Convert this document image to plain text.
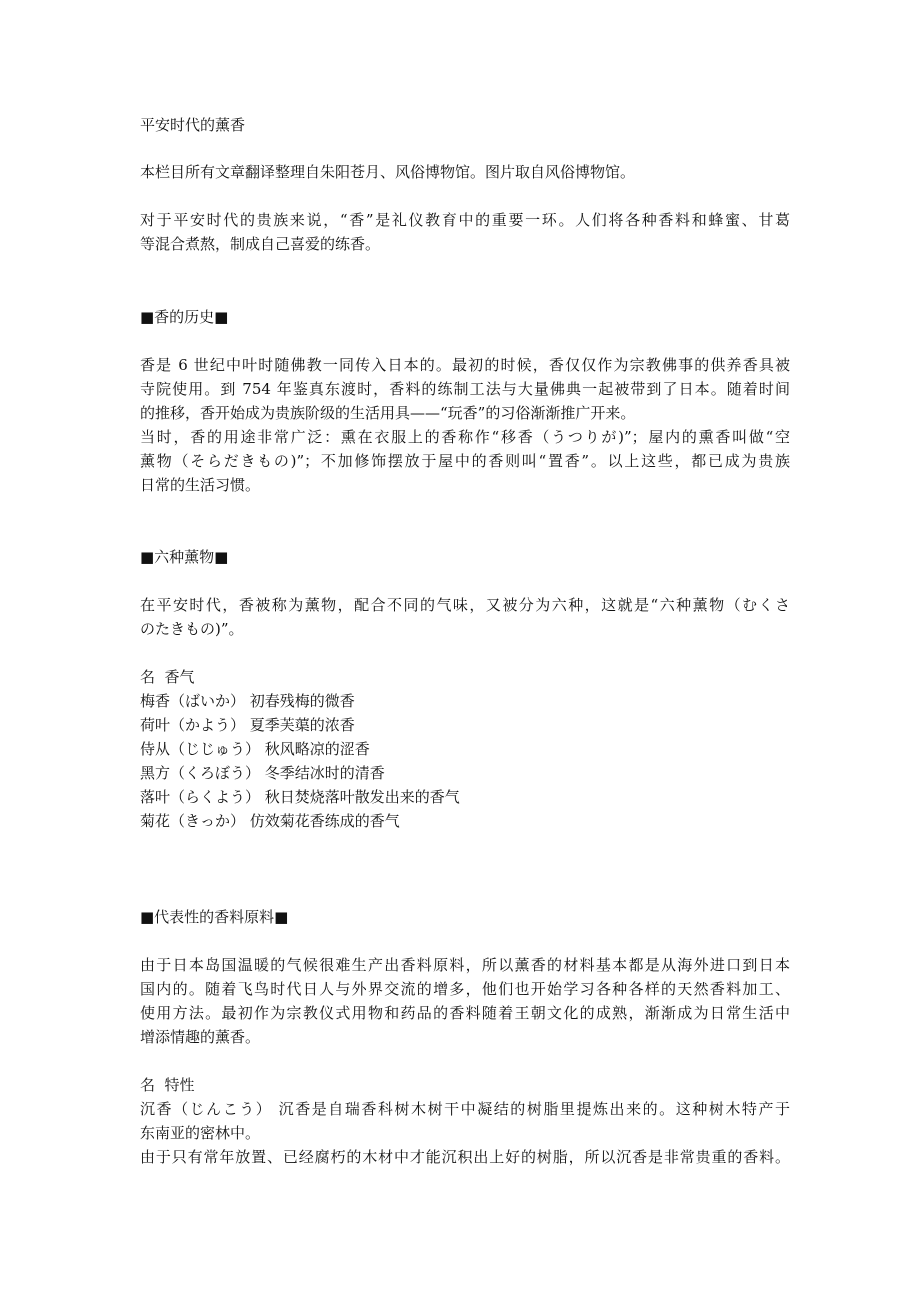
平安时代的薰香
本栏目所有文章翻译整理自朱阳苍月、风俗博物馆。图片取自风俗博物馆。
对于平安时代的贵族来说，“香”是礼仪教育中的重要一环。人们将各种香料和蜂蜜、甘葛
等混合煮熬，制成自己喜爱的练香。
■香的历史■
香是 6 世纪中叶时随佛教一同传入日本的。最初的时候，香仅仅作为宗教佛事的供养香具被
寺院使用。到 754 年鉴真东渡时，香料的练制工法与大量佛典一起被带到了日本。随着时间
的推移，香开始成为贵族阶级的生活用具——“玩香”的习俗渐渐推广开来。
当时，香的用途非常广泛：熏在衣服上的香称作“移香（うつりが)”；屋内的熏香叫做“空
薰物（そらだきもの)”；不加修饰摆放于屋中的香则叫“置香”。以上这些，都已成为贵族
日常的生活习惯。
■六种薰物■
在平安时代，香被称为薰物，配合不同的气味，又被分为六种，这就是“六种薰物（むくさ
のたきもの)”。
名  香气
梅香（ばいか） 初春残梅的微香
荷叶（かよう） 夏季芙蕖的浓香
侍从（じじゅう） 秋风略凉的涩香
黑方（くろぼう） 冬季结冰时的清香
落叶（らくよう） 秋日焚烧落叶散发出来的香气
菊花（きっか） 仿效菊花香练成的香气
■代表性的香料原料■
由于日本岛国温暖的气候很难生产出香料原料，所以薰香的材料基本都是从海外进口到日本
国内的。随着飞鸟时代日人与外界交流的增多，他们也开始学习各种各样的天然香料加工、
使用方法。最初作为宗教仪式用物和药品的香料随着王朝文化的成熟，渐渐成为日常生活中
增添情趣的薰香。
名  特性
沉香（じんこう） 沉香是自瑞香科树木树干中凝结的树脂里提炼出来的。这种树木特产于
东南亚的密林中。
由于只有常年放置、已经腐朽的木材中才能沉积出上好的树脂，所以沉香是非常贵重的香料。
